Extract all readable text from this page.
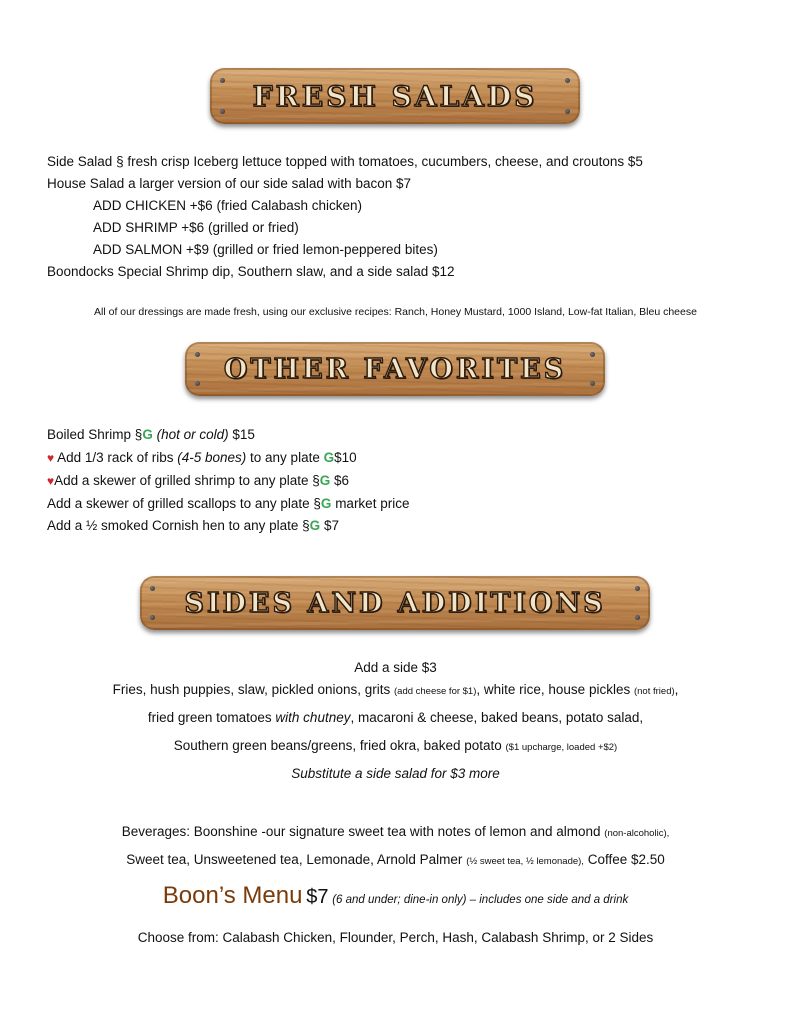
FRESH SALADS
Side Salad § fresh crisp Iceberg lettuce topped with tomatoes, cucumbers, cheese, and croutons $5
House Salad a larger version of our side salad with bacon $7
ADD CHICKEN +$6 (fried Calabash chicken)
ADD SHRIMP +$6 (grilled or fried)
ADD SALMON +$9 (grilled or fried lemon-peppered bites)
Boondocks Special Shrimp dip, Southern slaw, and a side salad $12
All of our dressings are made fresh, using our exclusive recipes: Ranch, Honey Mustard, 1000 Island, Low-fat Italian, Bleu cheese
OTHER FAVORITES
Boiled Shrimp §G (hot or cold) $15
♥ Add 1/3 rack of ribs (4-5 bones) to any plate G$10
♥Add a skewer of grilled shrimp to any plate §G $6
Add a skewer of grilled scallops to any plate §G market price
Add a ½ smoked Cornish hen to any plate §G $7
SIDES AND ADDITIONS
Add a side $3
Fries, hush puppies, slaw, pickled onions, grits (add cheese for $1), white rice, house pickles (not fried),
fried green tomatoes with chutney, macaroni & cheese, baked beans, potato salad,
Southern green beans/greens, fried okra, baked potato ($1 upcharge, loaded +$2)
Substitute a side salad for $3 more
Beverages: Boonshine -our signature sweet tea with notes of lemon and almond (non-alcoholic),
Sweet tea, Unsweetened tea, Lemonade, Arnold Palmer (½ sweet tea, ½ lemonade), Coffee $2.50
Boon’s Menu $7 (6 and under; dine-in only) – includes one side and a drink
Choose from: Calabash Chicken, Flounder, Perch, Hash, Calabash Shrimp, or 2 Sides
